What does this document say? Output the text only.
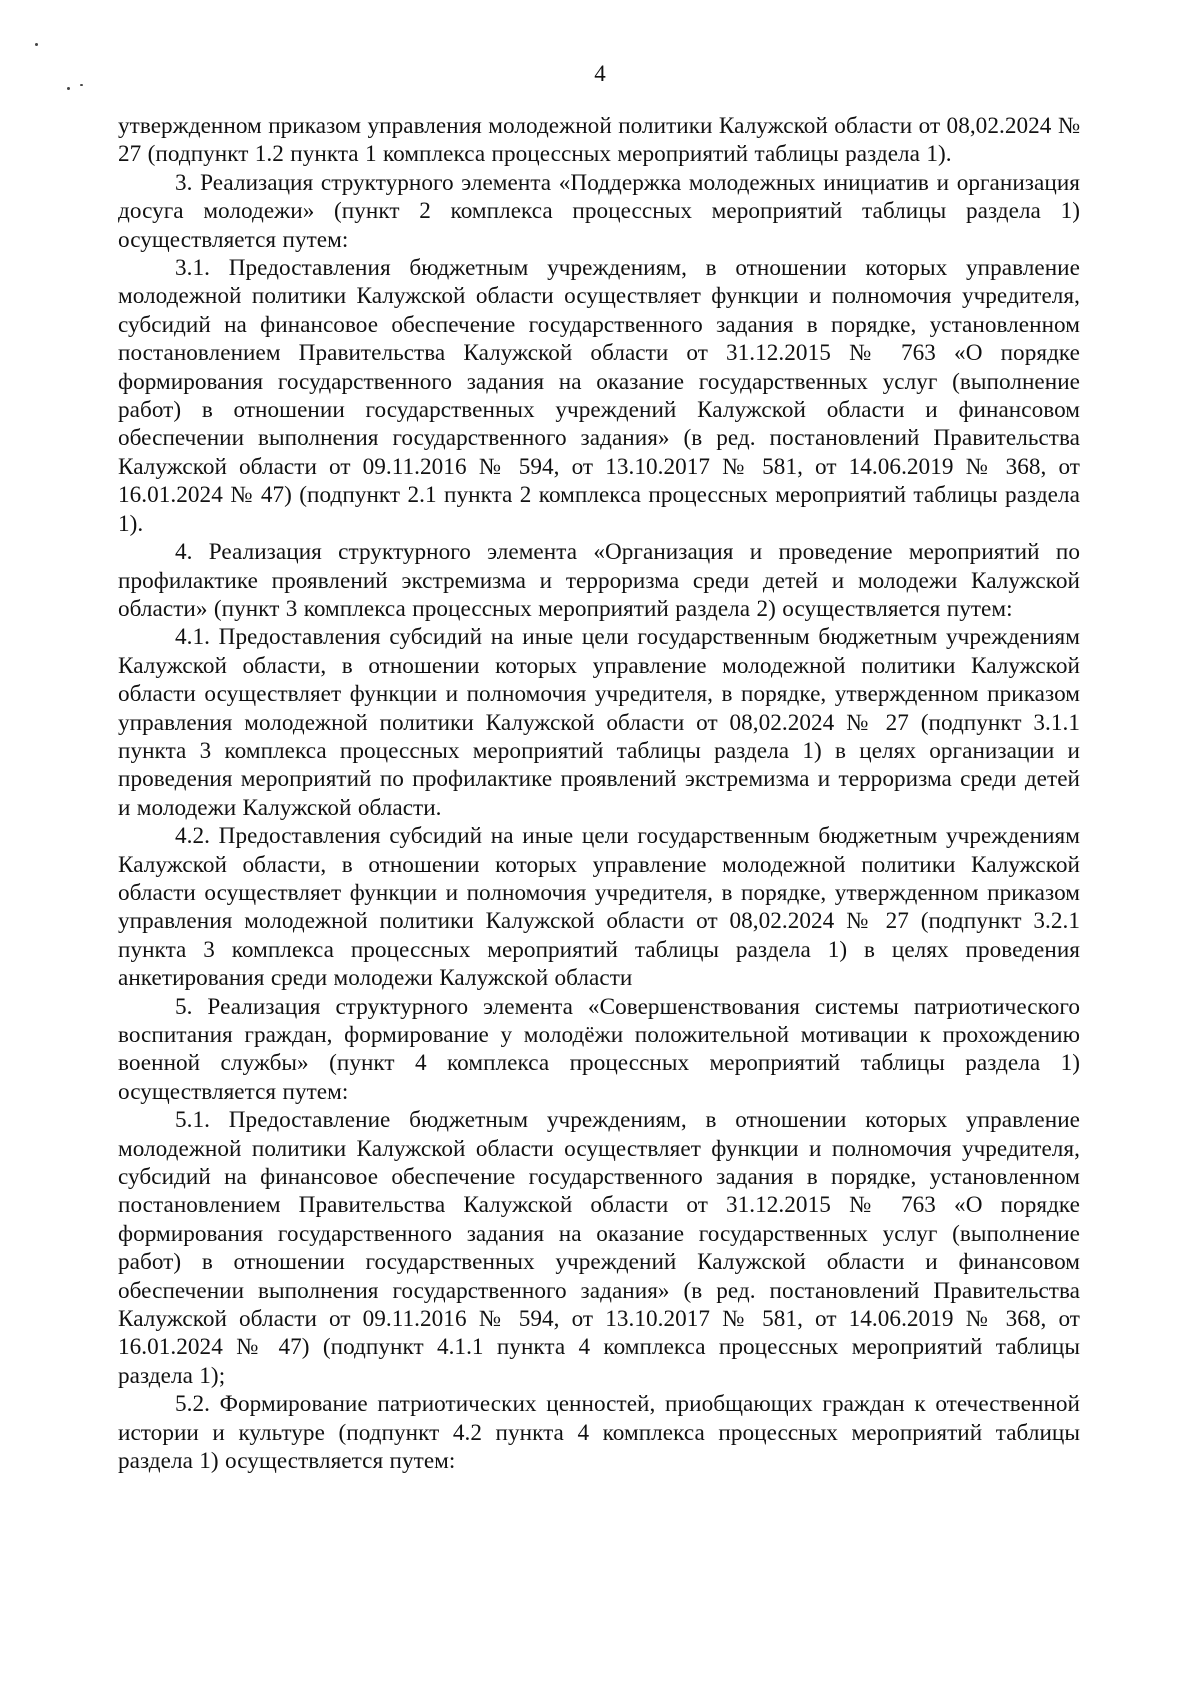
4

утвержденном приказом управления молодежной политики Калужской области от 08,02.2024 № 27 (подпункт 1.2 пункта 1 комплекса процессных мероприятий таблицы раздела 1).

3. Реализация структурного элемента «Поддержка молодежных инициатив и организация досуга молодежи» (пункт 2 комплекса процессных мероприятий таблицы раздела 1) осуществляется путем:

3.1. Предоставления бюджетным учреждениям, в отношении которых управление молодежной политики Калужской области осуществляет функции и полномочия учредителя, субсидий на финансовое обеспечение государственного задания в порядке, установленном постановлением Правительства Калужской области от 31.12.2015 № 763 «О порядке формирования государственного задания на оказание государственных услуг (выполнение работ) в отношении государственных учреждений Калужской области и финансовом обеспечении выполнения государственного задания» (в ред. постановлений Правительства Калужской области от 09.11.2016 № 594, от 13.10.2017 № 581, от 14.06.2019 № 368, от 16.01.2024 № 47) (подпункт 2.1 пункта 2 комплекса процессных мероприятий таблицы раздела 1).

4. Реализация структурного элемента «Организация и проведение мероприятий по профилактике проявлений экстремизма и терроризма среди детей и молодежи Калужской области» (пункт 3 комплекса процессных мероприятий раздела 2) осуществляется путем:

4.1. Предоставления субсидий на иные цели государственным бюджетным учреждениям Калужской области, в отношении которых управление молодежной политики Калужской области осуществляет функции и полномочия учредителя, в порядке, утвержденном приказом управления молодежной политики Калужской области от 08,02.2024 № 27 (подпункт 3.1.1 пункта 3 комплекса процессных мероприятий таблицы раздела 1) в целях организации и проведения мероприятий по профилактике проявлений экстремизма и терроризма среди детей и молодежи Калужской области.

4.2. Предоставления субсидий на иные цели государственным бюджетным учреждениям Калужской области, в отношении которых управление молодежной политики Калужской области осуществляет функции и полномочия учредителя, в порядке, утвержденном приказом управления молодежной политики Калужской области от 08,02.2024 № 27 (подпункт 3.2.1 пункта 3 комплекса процессных мероприятий таблицы раздела 1) в целях проведения анкетирования среди молодежи Калужской области

5. Реализация структурного элемента «Совершенствования системы патриотического воспитания граждан, формирование у молодёжи положительной мотивации к прохождению военной службы» (пункт 4 комплекса процессных мероприятий таблицы раздела 1) осуществляется путем:

5.1. Предоставление бюджетным учреждениям, в отношении которых управление молодежной политики Калужской области осуществляет функции и полномочия учредителя, субсидий на финансовое обеспечение государственного задания в порядке, установленном постановлением Правительства Калужской области от 31.12.2015 № 763 «О порядке формирования государственного задания на оказание государственных услуг (выполнение работ) в отношении государственных учреждений Калужской области и финансовом обеспечении выполнения государственного задания» (в ред. постановлений Правительства Калужской области от 09.11.2016 № 594, от 13.10.2017 № 581, от 14.06.2019 № 368, от 16.01.2024 № 47) (подпункт 4.1.1 пункта 4 комплекса процессных мероприятий таблицы раздела 1);

5.2. Формирование патриотических ценностей, приобщающих граждан к отечественной истории и культуре (подпункт 4.2 пункта 4 комплекса процессных мероприятий таблицы раздела 1) осуществляется путем:
